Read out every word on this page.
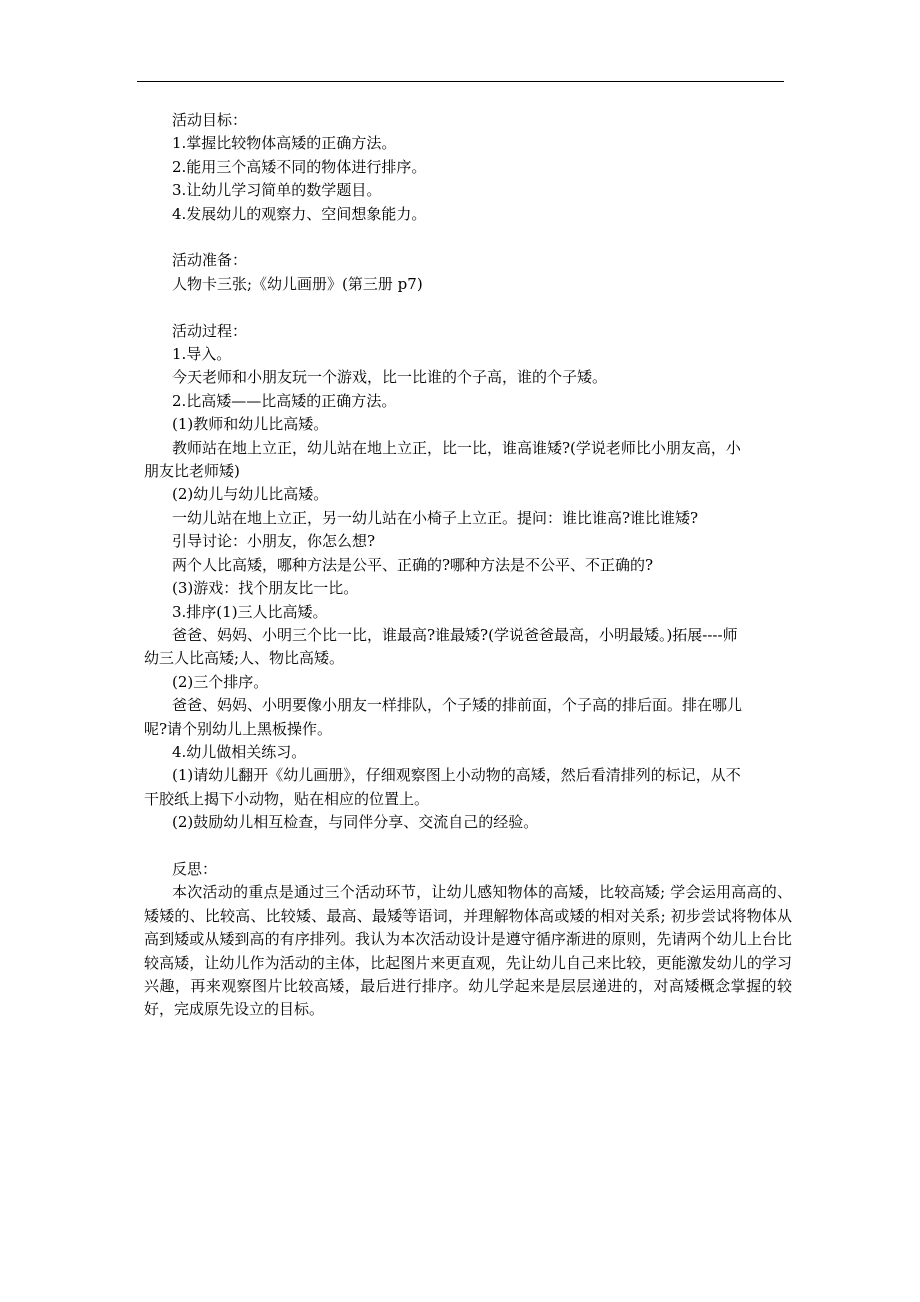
活动目标：
1.掌握比较物体高矮的正确方法。
2.能用三个高矮不同的物体进行排序。
3.让幼儿学习简单的数学题目。
4.发展幼儿的观察力、空间想象能力。
活动准备：
人物卡三张;《幼儿画册》(第三册 p7)
活动过程：
1.导入。
今天老师和小朋友玩一个游戏，比一比谁的个子高，谁的个子矮。
2.比高矮——比高矮的正确方法。
(1)教师和幼儿比高矮。
教师站在地上立正，幼儿站在地上立正，比一比，谁高谁矮?(学说老师比小朋友高，小
朋友比老师矮)
(2)幼儿与幼儿比高矮。
一幼儿站在地上立正，另一幼儿站在小椅子上立正。提问：谁比谁高?谁比谁矮?
引导讨论：小朋友，你怎么想?
两个人比高矮，哪种方法是公平、正确的?哪种方法是不公平、不正确的?
(3)游戏：找个朋友比一比。
3.排序(1)三人比高矮。
爸爸、妈妈、小明三个比一比，谁最高?谁最矮?(学说爸爸最高，小明最矮。)拓展----师
幼三人比高矮;人、物比高矮。
(2)三个排序。
爸爸、妈妈、小明要像小朋友一样排队，个子矮的排前面，个子高的排后面。排在哪儿
呢?请个别幼儿上黑板操作。
4.幼儿做相关练习。
(1)请幼儿翻开《幼儿画册》，仔细观察图上小动物的高矮，然后看清排列的标记，从不
干胶纸上揭下小动物，贴在相应的位置上。
(2)鼓励幼儿相互检查，与同伴分享、交流自己的经验。
反思：
本次活动的重点是通过三个活动环节，让幼儿感知物体的高矮，比较高矮; 学会运用高高的、矮矮的、比较高、比较矮、最高、最矮等语词，并理解物体高或矮的相对关系; 初步尝试将物体从高到矮或从矮到高的有序排列。我认为本次活动设计是遵守循序渐进的原则，先请两个幼儿上台比较高矮，让幼儿作为活动的主体，比起图片来更直观，先让幼儿自己来比较，更能激发幼儿的学习兴趣，再来观察图片比较高矮，最后进行排序。幼儿学起来是层层递进的，对高矮概念掌握的较好，完成原先设立的目标。
